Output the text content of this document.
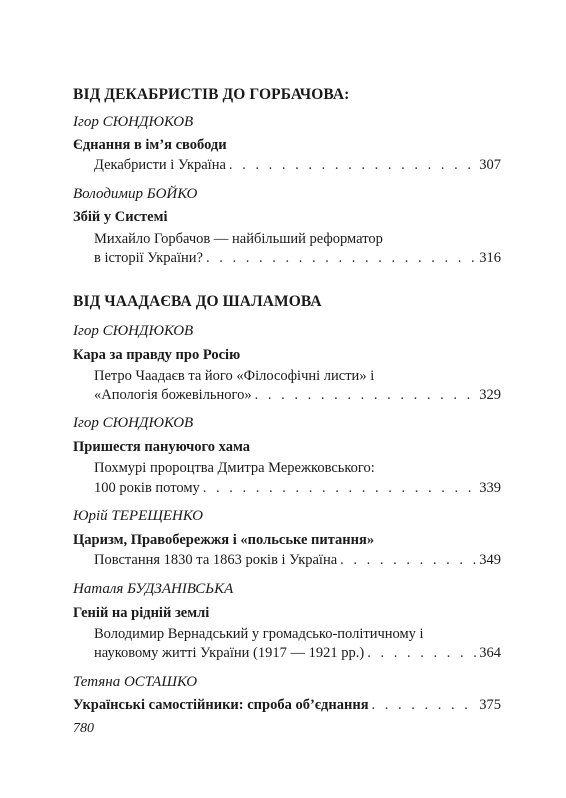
ВІД ДЕКАБРИСТІВ ДО ГОРБАЧОВА:
Ігор СЮНДЮКОВ
Єднання в ім’я свободи
Декабристи і Україна . . .	307
Володимир БОЙКО
Збій у Системі
Михайло Горбачов — найбільший реформатор
в історії України? . . .	316
ВІД ЧААДАЄВА ДО ШАЛАМОВА
Ігор СЮНДЮКОВ
Кара за правду про Росію
Петро Чаадаєв та його «Філософічні листи» і
«Апологія божевільного» . . .	329
Ігор СЮНДЮКОВ
Пришестя пануючого хама
Похмурі пророцтва Дмитра Мережковського:
100 років потому . . .	339
Юрій ТЕРЕЩЕНКО
Царизм, Правобережжя і «польське питання»
Повстання 1830 та 1863 років і Україна . . .	349
Наталя БУДЗАНІВСЬКА
Геній на рідній землі
Володимир Вернадський у громадсько-політичному і
науковому житті України (1917 — 1921 рр.) . . .	364
Тетяна ОСТАШКО
Українські самостійники: спроба об’єднання . . .	375
780
